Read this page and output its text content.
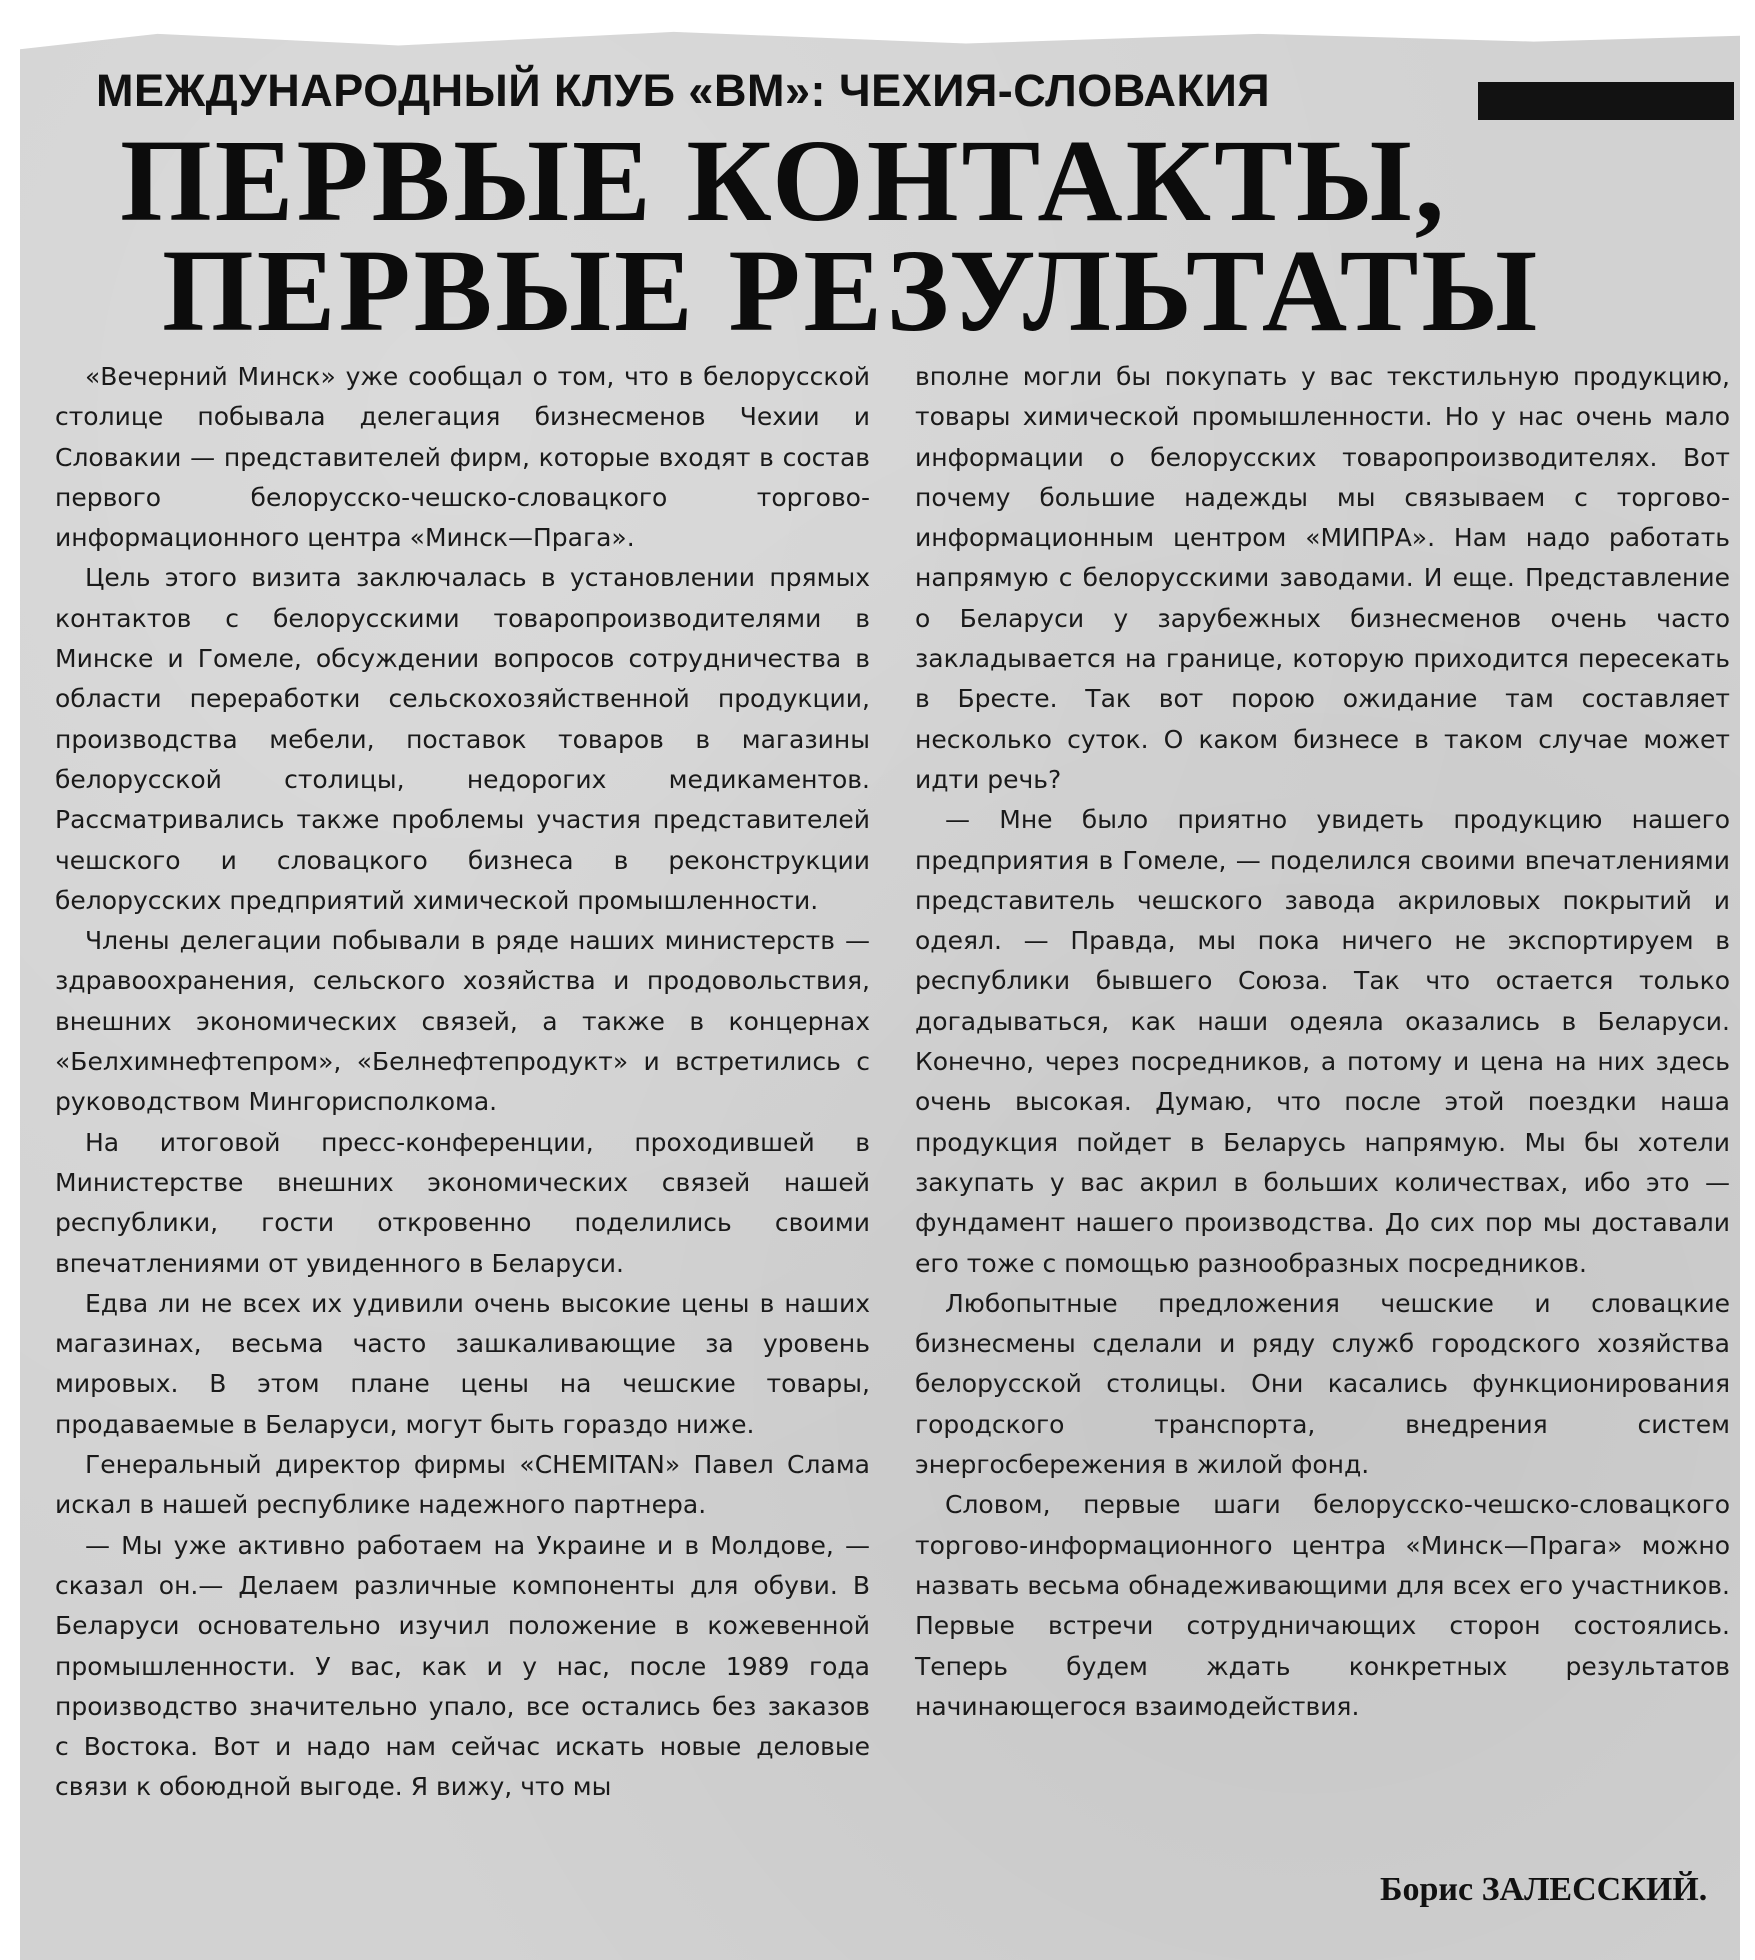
МЕЖДУНАРОДНЫЙ КЛУБ «ВМ»: ЧЕХИЯ-СЛОВАКИЯ
ПЕРВЫЕ КОНТАКТЫ,
ПЕРВЫЕ РЕЗУЛЬТАТЫ

«Вечерний Минск» уже сообщал о том, что в белорусской столице побывала делегация бизнесменов Чехии и Словакии — представителей фирм, которые входят в состав первого белорусско-чешско-словацкого торгово-информационного центра «Минск—Прага».

Цель этого визита заключалась в установлении прямых контактов с белорусскими товаропроизводителями в Минске и Гомеле, обсуждении вопросов сотрудничества в области переработки сельскохозяйственной продукции, производства мебели, поставок товаров в магазины белорусской столицы, недорогих медикаментов. Рассматривались также проблемы участия представителей чешского и словацкого бизнеса в реконструкции белорусских предприятий химической промышленности.

Члены делегации побывали в ряде наших министерств — здравоохранения, сельского хозяйства и продовольствия, внешних экономических связей, а также в концернах «Белхимнефтепром», «Белнефтепродукт» и встретились с руководством Мингорисполкома.

На итоговой пресс-конференции, проходившей в Министерстве внешних экономических связей нашей республики, гости откровенно поделились своими впечатлениями от увиденного в Беларуси.

Едва ли не всех их удивили очень высокие цены в наших магазинах, весьма часто зашкаливающие за уровень мировых. В этом плане цены на чешские товары, продаваемые в Беларуси, могут быть гораздо ниже.

Генеральный директор фирмы «CHEMITAN» Павел Слама искал в нашей республике надежного партнера.

— Мы уже активно работаем на Украине и в Молдове, —сказал он.— Делаем различные компоненты для обуви. В Беларуси основательно изучил положение в кожевенной промышленности. У вас, как и у нас, после 1989 года производство значительно упало, все остались без заказов с Востока. Вот и надо нам сейчас искать новые деловые связи к обоюдной выгоде. Я вижу, что мы

вполне могли бы покупать у вас текстильную продукцию, товары химической промышленности. Но у нас очень мало информации о белорусских товаропроизводителях. Вот почему большие надежды мы связываем с торгово-информационным центром «МИПРА». Нам надо работать напрямую с белорусскими заводами. И еще. Представление о Беларуси у зарубежных бизнесменов очень часто закладывается на границе, которую приходится пересекать в Бресте. Так вот порою ожидание там составляет несколько суток. О каком бизнесе в таком случае может идти речь?

— Мне было приятно увидеть продукцию нашего предприятия в Гомеле, — поделился своими впечатлениями представитель чешского завода акриловых покрытий и одеял. — Правда, мы пока ничего не экспортируем в республики бывшего Союза. Так что остается только догадываться, как наши одеяла оказались в Беларуси. Конечно, через посредников, а потому и цена на них здесь очень высокая. Думаю, что после этой поездки наша продукция пойдет в Беларусь напрямую. Мы бы хотели закупать у вас акрил в больших количествах, ибо это — фундамент нашего производства. До сих пор мы доставали его тоже с помощью разнообразных посредников.

Любопытные предложения чешские и словацкие бизнесмены сделали и ряду служб городского хозяйства белорусской столицы. Они касались функционирования городского транспорта, внедрения систем энергосбережения в жилой фонд.

Словом, первые шаги белорусско-чешско-словацкого торгово-информационного центра «Минск—Прага» можно назвать весьма обнадеживающими для всех его участников. Первые встречи сотрудничающих сторон состоялись. Теперь будем ждать конкретных результатов начинающегося взаимодействия.

Борис ЗАЛЕССКИЙ.
